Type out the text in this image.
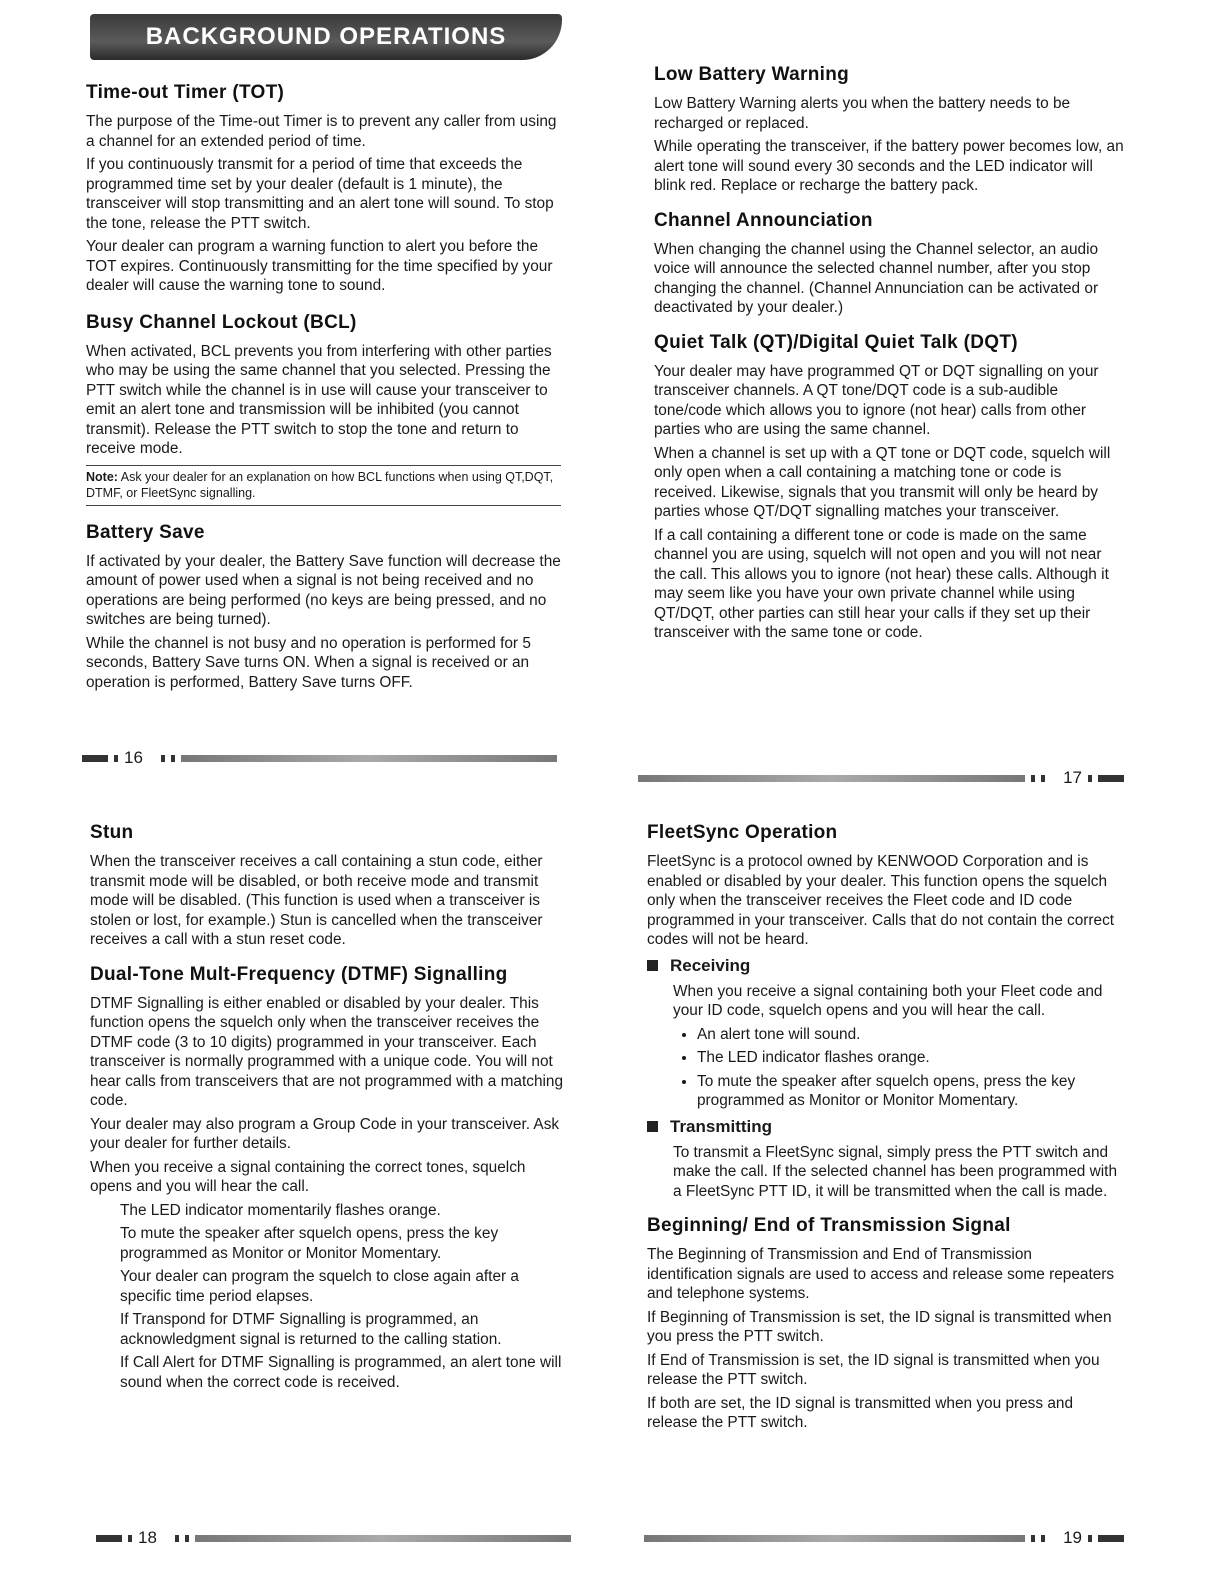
BACKGROUND OPERATIONS
Time-out Timer (TOT)

The purpose of the Time-out Timer is to prevent any caller from using a channel for an extended period of time.

If you continuously transmit for a period of time that exceeds the programmed time set by your dealer (default is 1 minute), the transceiver will stop transmitting and an alert tone will sound. To stop the tone, release the PTT switch.

Your dealer can program a warning function to alert you before the TOT expires. Continuously transmitting for the time specified by your dealer will cause the warning tone to sound.

Busy Channel Lockout (BCL)

When activated, BCL prevents you from interfering with other parties who may be using the same channel that you selected. Pressing the PTT switch while the channel is in use will cause your transceiver to emit an alert tone and transmission will be inhibited (you cannot transmit). Release the PTT switch to stop the tone and return to receive mode.

Note: Ask your dealer for an explanation on how BCL functions when using QT,DQT, DTMF, or FleetSync signalling.
Battery Save

If activated by your dealer, the Battery Save function will decrease the amount of power used when a signal is not being received and no operations are being performed (no keys are being pressed, and no switches are being turned).

While the channel is not busy and no operation is performed for 5 seconds, Battery Save turns ON. When a signal is received or an operation is performed, Battery Save turns OFF.

16
Low Battery Warning

Low Battery Warning alerts you when the battery needs to be recharged or replaced.

While operating the transceiver, if the battery power becomes low, an alert tone will sound every 30 seconds and the LED indicator will blink red. Replace or recharge the battery pack.

Channel Announciation

When changing the channel using the Channel selector, an audio voice will announce the selected channel number, after you stop changing the channel. (Channel Annunciation can be activated or deactivated by your dealer.)

Quiet Talk (QT)/Digital Quiet Talk (DQT)

Your dealer may have programmed QT or DQT signalling on your transceiver channels. A QT tone/DQT code is a sub-audible tone/code which allows you to ignore (not hear) calls from other parties who are using the same channel.

When a channel is set up with a QT tone or DQT code, squelch will only open when a call containing a matching tone or code is received. Likewise, signals that you transmit will only be heard by parties whose QT/DQT signalling matches your transceiver.

If a call containing a different tone or code is made on the same channel you are using, squelch will not open and you will not near the call. This allows you to ignore (not hear) these calls. Although it may seem like you have your own private channel while using QT/DQT, other parties can still hear your calls if they set up their transceiver with the same tone or code.

17
Stun

When the transceiver receives a call containing a stun code, either transmit mode will be disabled, or both receive mode and transmit mode will be disabled. (This function is used when a transceiver is stolen or lost, for example.) Stun is cancelled when the transceiver receives a call with a stun reset code.

Dual-Tone Mult-Frequency (DTMF) Signalling

DTMF Signalling is either enabled or disabled by your dealer. This function opens the squelch only when the transceiver receives the DTMF code (3 to 10 digits) programmed in your transceiver. Each transceiver is normally programmed with a unique code. You will not hear calls from transceivers that are not programmed with a matching code.

Your dealer may also program a Group Code in your transceiver. Ask your dealer for further details.

When you receive a signal containing the correct tones, squelch opens and you will hear the call.

The LED indicator momentarily flashes orange.

To mute the speaker after squelch opens, press the key programmed as Monitor or Monitor Momentary.

Your dealer can program the squelch to close again after a specific time period elapses.

If Transpond for DTMF Signalling is programmed, an acknowledgment signal is returned to the calling station.

If Call Alert for DTMF Signalling is programmed, an alert tone will sound when the correct code is received.

18
FleetSync Operation

FleetSync is a protocol owned by KENWOOD Corporation and is enabled or disabled by your dealer. This function opens the squelch only when the transceiver receives the Fleet code and ID code programmed in your transceiver. Calls that do not contain the correct codes will not be heard.

Receiving

When you receive a signal containing both your Fleet code and your ID code, squelch opens and you will hear the call.

• An alert tone will sound.
• The LED indicator flashes orange.
• To mute the speaker after squelch opens, press the key programmed as Monitor or Monitor Momentary.
Transmitting

To transmit a FleetSync signal, simply press the PTT switch and make the call. If the selected channel has been programmed with a FleetSync PTT ID, it will be transmitted when the call is made.

Beginning/ End of Transmission Signal

The Beginning of Transmission and End of Transmission identification signals are used to access and release some repeaters and telephone systems.

If Beginning of Transmission is set, the ID signal is transmitted when you press the PTT switch.

If End of Transmission is set, the ID signal is transmitted when you release the PTT switch.

If both are set, the ID signal is transmitted when you press and release the PTT switch.

19
